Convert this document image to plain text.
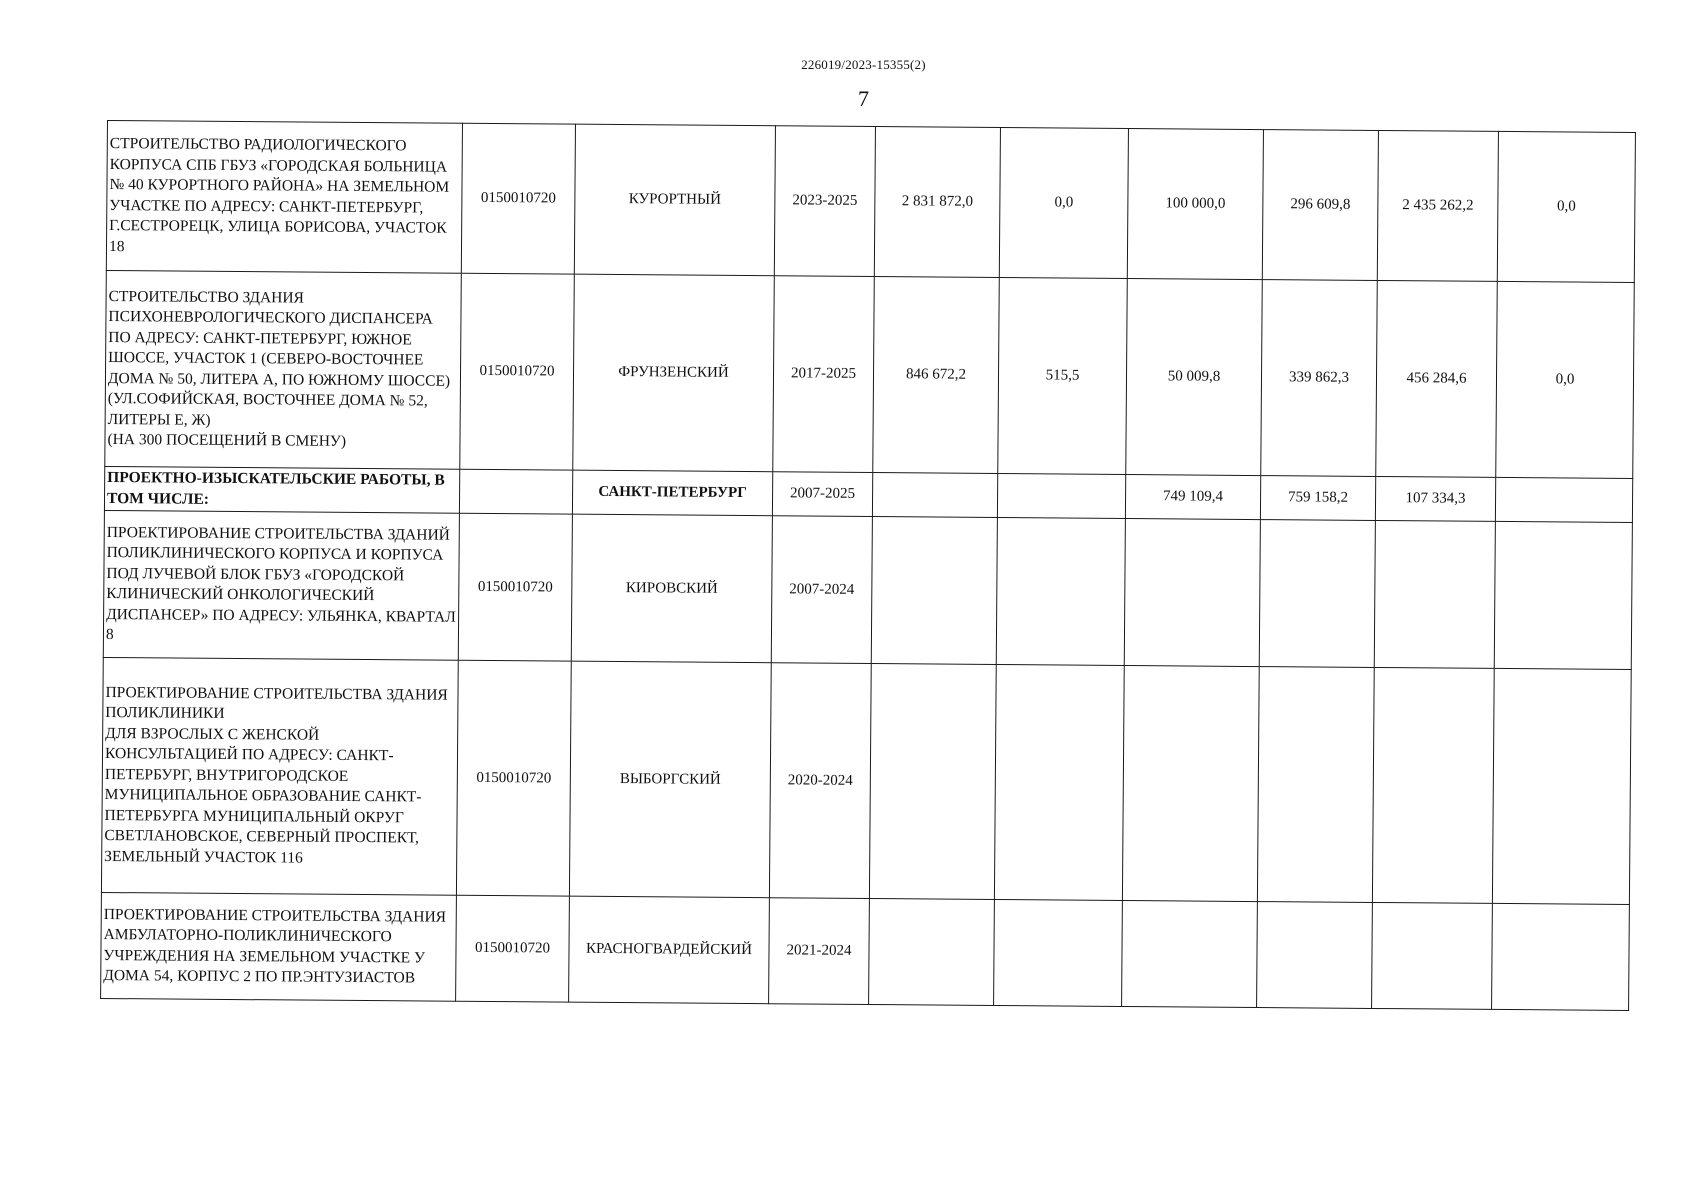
226019/2023-15355(2)
7
СТРОИТЕЛЬСТВО РАДИОЛОГИЧЕСКОГО КОРПУСА СПБ ГБУЗ «ГОРОДСКАЯ БОЛЬНИЦА № 40 КУРОРТНОГО РАЙОНА» НА ЗЕМЕЛЬНОМ УЧАСТКЕ ПО АДРЕСУ: САНКТ-ПЕТЕРБУРГ, Г.СЕСТРОРЕЦК, УЛИЦА БОРИСОВА, УЧАСТОК 18	0150010720	КУРОРТНЫЙ	2023-2025	2 831 872,0	0,0	100 000,0	296 609,8	2 435 262,2	0,0
СТРОИТЕЛЬСТВО ЗДАНИЯ ПСИХОНЕВРОЛОГИЧЕСКОГО ДИСПАНСЕРА ПО АДРЕСУ: САНКТ-ПЕТЕРБУРГ, ЮЖНОЕ ШОССЕ, УЧАСТОК 1 (СЕВЕРО-ВОСТОЧНЕЕ ДОМА № 50, ЛИТЕРА А, ПО ЮЖНОМУ ШОССЕ) (УЛ.СОФИЙСКАЯ, ВОСТОЧНЕЕ ДОМА № 52, ЛИТЕРЫ Е, Ж)
(НА 300 ПОСЕЩЕНИЙ В СМЕНУ)	0150010720	ФРУНЗЕНСКИЙ	2017-2025	846 672,2	515,5	50 009,8	339 862,3	456 284,6	0,0
ПРОЕКТНО-ИЗЫСКАТЕЛЬСКИЕ РАБОТЫ, В ТОМ ЧИСЛЕ:		САНКТ-ПЕТЕРБУРГ	2007-2025			749 109,4	759 158,2	107 334,3	
ПРОЕКТИРОВАНИЕ СТРОИТЕЛЬСТВА ЗДАНИЙ ПОЛИКЛИНИЧЕСКОГО КОРПУСА И КОРПУСА ПОД ЛУЧЕВОЙ БЛОК ГБУЗ «ГОРОДСКОЙ КЛИНИЧЕСКИЙ ОНКОЛОГИЧЕСКИЙ ДИСПАНСЕР» ПО АДРЕСУ: УЛЬЯНКА, КВАРТАЛ 8	0150010720	КИРОВСКИЙ	2007-2024						
ПРОЕКТИРОВАНИЕ СТРОИТЕЛЬСТВА ЗДАНИЯ ПОЛИКЛИНИКИ
ДЛЯ ВЗРОСЛЫХ С ЖЕНСКОЙ КОНСУЛЬТАЦИЕЙ ПО АДРЕСУ: САНКТ-ПЕТЕРБУРГ, ВНУТРИГОРОДСКОЕ МУНИЦИПАЛЬНОЕ ОБРАЗОВАНИЕ САНКТ-ПЕТЕРБУРГА МУНИЦИПАЛЬНЫЙ ОКРУГ СВЕТЛАНОВСКОЕ, СЕВЕРНЫЙ ПРОСПЕКТ, ЗЕМЕЛЬНЫЙ УЧАСТОК 116	0150010720	ВЫБОРГСКИЙ	2020-2024						
ПРОЕКТИРОВАНИЕ СТРОИТЕЛЬСТВА ЗДАНИЯ АМБУЛАТОРНО-ПОЛИКЛИНИЧЕСКОГО УЧРЕЖДЕНИЯ НА ЗЕМЕЛЬНОМ УЧАСТКЕ У ДОМА 54, КОРПУС 2 ПО ПР.ЭНТУЗИАСТОВ	0150010720	КРАСНОГВАРДЕЙСКИЙ	2021-2024						
